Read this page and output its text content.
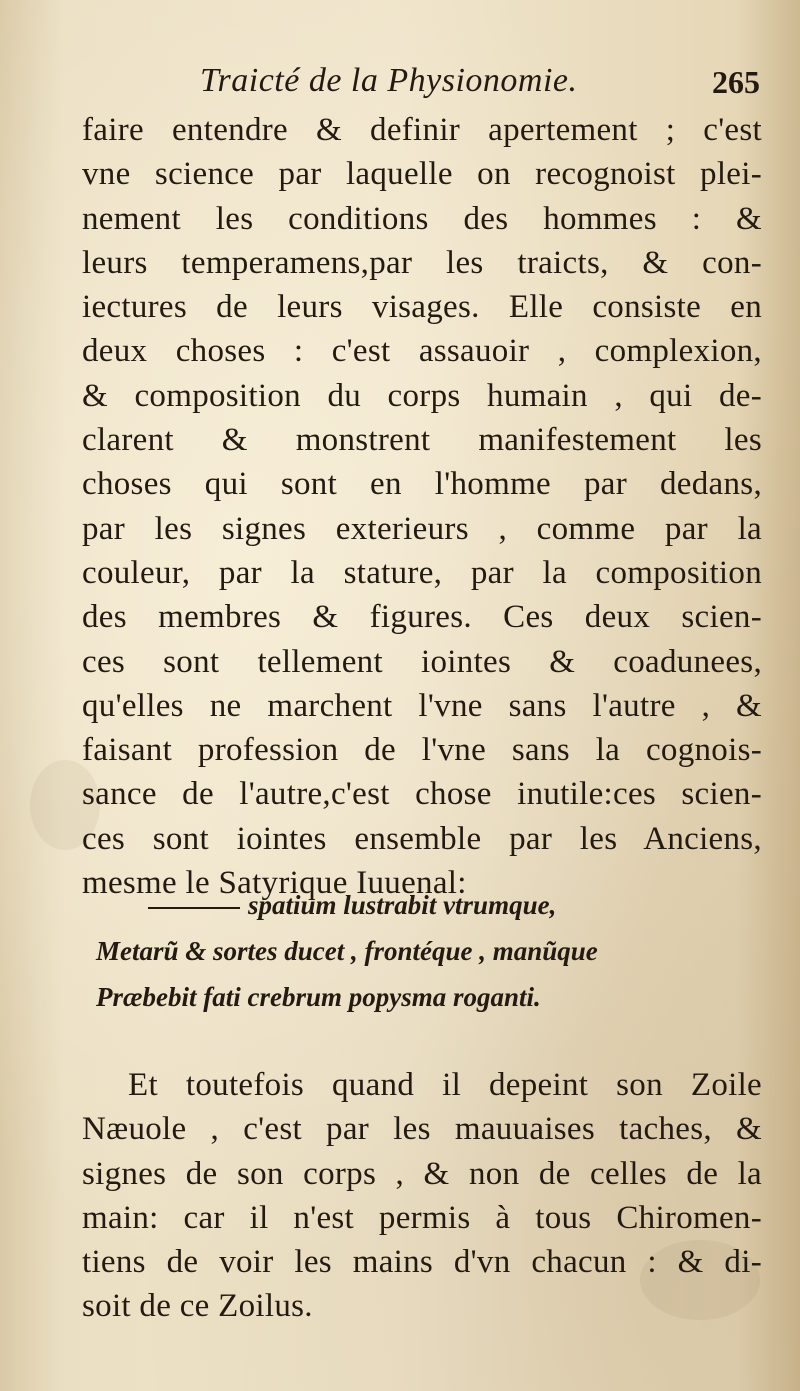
Traicté de la Physionomie.	265
faire entendre & definir apertement ; c'est
vne science par laquelle on recognoist plei-
nement les conditions des hommes : &
leurs temperamens,par les traicts, & con-
iectures de leurs visages. Elle consiste en
deux choses : c'est assauoir , complexion,
& composition du corps humain , qui de-
clarent & monstrent manifestement les
choses qui sont en l'homme par dedans,
par les signes exterieurs , comme par la
couleur, par la stature, par la composition
des membres & figures. Ces deux scien-
ces sont tellement iointes & coadunees,
qu'elles ne marchent l'vne sans l'autre , &
faisant profession de l'vne sans la cognois-
sance de l'autre,c'est chose inutile:ces scien-
ces sont iointes ensemble par les Anciens,
mesme le Satyrique Iuuenal:
spatium lustrabit vtrumque,
Metarũ & sortes ducet , frontéque , manũque
Præbebit fati crebrum popysma roganti.
Et toutefois quand il depeint son Zoile
Næuole , c'est par les mauuaises taches, &
signes de son corps , & non de celles de la
main: car il n'est permis à tous Chiromen-
tiens de voir les mains d'vn chacun : & di-
soit de ce Zoilus.
